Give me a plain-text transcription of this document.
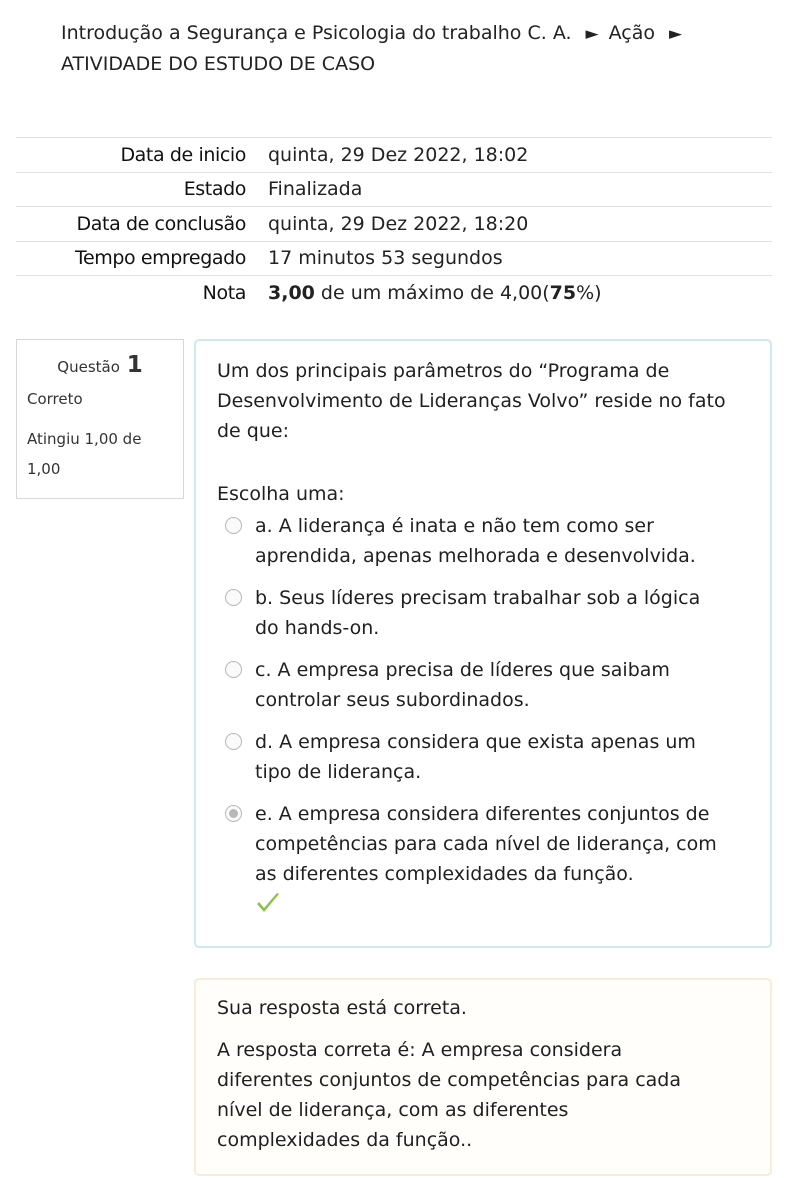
Introdução a Segurança e Psicologia do trabalho C. A. ► Ação ►
ATIVIDADE DO ESTUDO DE CASO
Data de inicio	quinta, 29 Dez 2022, 18:02
Estado	Finalizada
Data de conclusão	quinta, 29 Dez 2022, 18:20
Tempo empregado	17 minutos 53 segundos
Nota	3,00 de um máximo de 4,00(75%)
Questão 1
Correto
Atingiu 1,00 de 1,00

Um dos principais parâmetros do “Programa de Desenvolvimento de Lideranças Volvo” reside no fato de que:

Escolha uma:
a. A liderança é inata e não tem como ser aprendida, apenas melhorada e desenvolvida.
b. Seus líderes precisam trabalhar sob a lógica do hands-on.
c. A empresa precisa de líderes que saibam controlar seus subordinados.
d. A empresa considera que exista apenas um tipo de liderança.
e. A empresa considera diferentes conjuntos de competências para cada nível de liderança, com as diferentes complexidades da função.

Sua resposta está correta.

A resposta correta é: A empresa considera diferentes conjuntos de competências para cada nível de liderança, com as diferentes complexidades da função..
